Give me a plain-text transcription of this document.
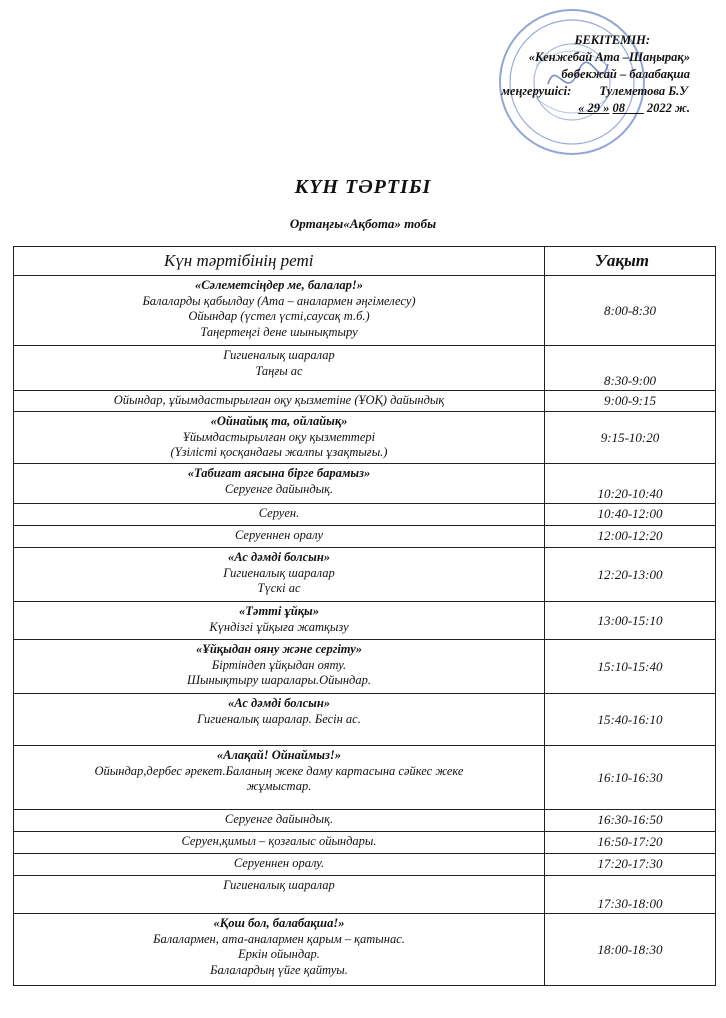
БЕКІТЕМІН:
«Кенжебай Ата –Шаңырақ»
бөбекжай – балабақша
меңгерушісі: Тулеметова Б.У
« 29 » 08       2022 ж.
КҮН ТӘРТІБІ
Ортаңғы«Ақбота» тобы
Күн тәртібінің реті	Уақыт

«Сәлеметсіңдер ме, балалар!»
Балаларды қабылдау (Ата – аналармен әңгімелесу)
Ойындар (үстел үсті,саусақ т.б.)
Таңертеңгі дене шынықтыру	8:00-8:30

Гигиеналық шаралар
Таңғы ас	8:30-9:00

Ойындар, ұйымдастырылған оқу қызметіне (ҰОҚ) дайындық	9:00-9:15

«Ойнайық та, ойлайық»
Ұйымдастырылған оқу қызметтері
(Үзілісті қосқандағы жалпы ұзақтығы.)	9:15-10:20

«Табиғат аясына бірге барамыз»
Серуенге дайындық.	10:20-10:40

Серуен.	10:40-12:00

Серуеннен оралу	12:00-12:20

«Ас дәмді болсын»
Гигиеналық шаралар
Түскі ас	12:20-13:00

«Тәтті ұйқы»
Күндізгі ұйқыға жатқызу	13:00-15:10

«Ұйқыдан ояну және сергіту»
Біртіндеп ұйқыдан ояту.
Шынықтыру шаралары.Ойындар.	15:10-15:40

«Ас дәмді болсын»
Гигиеналық шаралар. Бесін ас.	15:40-16:10

«Алақай! Ойнаймыз!»
Ойындар,дербес әрекет.Баланың жеке даму картасына сәйкес жеке
жұмыстар.	16:10-16:30

Серуенге дайындық.	16:30-16:50

Серуен,қимыл – қозғалыс ойындары.	16:50-17:20

Серуеннен оралу.	17:20-17:30

Гигиеналық шаралар	17:30-18:00

«Қош бол, балабақша!»
Балалармен, ата-аналармен қарым – қатынас.
Еркін ойындар.
Балалардың үйге қайтуы.	18:00-18:30
